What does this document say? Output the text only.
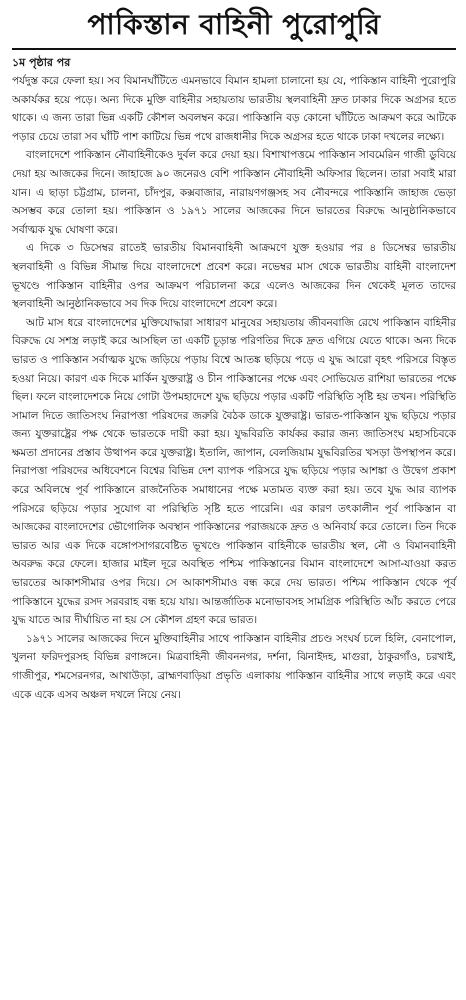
পাকিস্তান বাহিনী পুরোপুরি

১ম পৃষ্ঠার পর

পর্যদুস্ত করে ফেলা হয়। সব বিমানঘাঁটিতে এমনভাবে বিমান হামলা চালানো হয় যে, পাকিস্তান বাহিনী পুরোপুরি অকার্যকর হয়ে পড়ে। অন্য দিকে মুক্তি বাহিনীর সহায়তায় ভারতীয় স্থলবাহিনী দ্রুত ঢাকার দিকে অগ্রসর হতে থাকে। এ জন্য তারা ভিন্ন একটি কৌশল অবলম্বন করে। পাকিস্তানি বড় কোনো ঘাঁটিতে আক্রমণ করে আটকে পড়ার চেয়ে তারা সব ঘাঁটি পাশ কাটিয়ে ভিন্ন পথে রাজধানীর দিকে অগ্রসর হতে থাকে ঢাকা দখলের লক্ষ্যে।

বাংলাদেশে পাকিস্তান নৌবাহিনীকেও দুর্বল করে দেয়া হয়। বিশাখাপত্তমে পাকিস্তান সাবমেরিন গাজী ডুবিয়ে দেয়া হয় আজকের দিনে। জাহাজে ৯০ জনেরও বেশি পাকিস্তান নৌবাহিনী অফিসার ছিলেন। তারা সবাই মারা যান। এ ছাড়া চট্টগ্রাম, চালনা, চাঁদপুর, কক্সবাজার, নারায়ণগঞ্জসহ সব নৌবন্দরে পাকিস্তানি জাহাজ ভেড়া অসম্ভব করে তোলা হয়। পাকিস্তান ও ১৯৭১ সালের আজকের দিনে ভারতের বিরুদ্ধে আনুষ্ঠানিকভাবে সর্বাত্মক যুদ্ধ ঘোষণা করে।

এ দিকে ৩ ডিসেম্বর রাতেই ভারতীয় বিমানবাহিনী আক্রমণে যুক্ত হওয়ার পর ৪ ডিসেম্বর ভারতীয় স্থলবাহিনী ও বিভিন্ন সীমান্ত দিয়ে বাংলাদেশে প্রবেশ করে। নভেম্বর মাস থেকে ভারতীয় বাহিনী বাংলাদেশ ভূখণ্ডে পাকিস্তান বাহিনীর ওপর আক্রমণ পরিচালনা করে এলেও আজকের দিন থেকেই মূলত তাদের স্থলবাহিনী আনুষ্ঠানিকভাবে সব দিক দিয়ে বাংলাদেশে প্রবেশ করে।

আট মাস ধরে বাংলাদেশের মুক্তিযোদ্ধারা সাধারণ মানুষের সহায়তায় জীবনবাজি রেখে পাকিস্তান বাহিনীর বিরুদ্ধে যে সশস্ত্র লড়াই করে আসছিল তা একটি চূড়ান্ত পরিণতির দিকে দ্রুত এগিয়ে যেতে থাকে। অন্য দিকে ভারত ও পাকিস্তান সর্বাত্মক যুদ্ধে জড়িয়ে পড়ায় বিশ্বে আতঙ্ক ছড়িয়ে পড়ে এ যুদ্ধ আরো বৃহৎ পরিসরে বিস্তৃত হওয়া নিয়ে। কারণ এক দিকে মার্কিন যুক্তরাষ্ট্র ও চীন পাকিস্তানের পক্ষে এবং সোভিয়েত রাশিয়া ভারতের পক্ষে ছিল। ফলে বাংলাদেশকে নিয়ে গোটা উপমহাদেশে যুদ্ধ ছড়িয়ে পড়ার একটি পরিস্থিতি সৃষ্টি হয় তখন। পরিস্থিতি সামাল দিতে জাতিসংঘ নিরাপত্তা পরিষদের জরুরি বৈঠক ডাকে যুক্তরাষ্ট্র। ভারত-পাকিস্তান যুদ্ধ ছড়িয়ে পড়ার জন্য যুক্তরাষ্ট্রের পক্ষ থেকে ভারতকে দায়ী করা হয়। যুদ্ধবিরতি কার্যকর করার জন্য জাতিসংঘ মহাসচিবকে ক্ষমতা প্রদানের প্রস্তাব উত্থাপন করে যুক্তরাষ্ট্র। ইতালি, জাপান, বেলজিয়াম যুদ্ধবিরতির খসড়া উপস্থাপন করে। নিরাপত্তা পরিষদের অধিবেশনে বিশ্বের বিভিন্ন দেশ ব্যাপক পরিসরে যুদ্ধ ছড়িয়ে পড়ার আশঙ্কা ও উদ্বেগ প্রকাশ করে অবিলম্বে পূর্ব পাকিস্তানে রাজনৈতিক সমাধানের পক্ষে মতামত ব্যক্ত করা হয়। তবে যুদ্ধ আর ব্যাপক পরিসরে ছড়িয়ে পড়ার সুযোগ বা পরিস্থিতি সৃষ্টি হতে পারেনি। এর কারণ তৎকালীন পূর্ব পাকিস্তান বা আজকের বাংলাদেশের ভৌগোলিক অবস্থান পাকিস্তানের পরাজয়কে দ্রুত ও অনিবার্য করে তোলে। তিন দিকে ভারত আর এক দিকে বঙ্গোপসাগরবেষ্টিত ভূখণ্ডে পাকিস্তান বাহিনীকে ভারতীয় স্থল, নৌ ও বিমানবাহিনী অবরুদ্ধ করে ফেলে। হাজার মাইল দূরে অবস্থিত পশ্চিম পাকিস্তানের বিমান বাংলাদেশে আসা-যাওয়া করত ভারতের আকাশসীমার ওপর দিয়ে। সে আকাশসীমাও বন্ধ করে দেয় ভারত। পশ্চিম পাকিস্তান থেকে পূর্ব পাকিস্তানে যুদ্ধের রসদ সরবরাহ বন্ধ হয়ে যায়। আন্তর্জাতিক মনোভাবসহ সামগ্রিক পরিস্থিতি আঁচ করতে পেরে যুদ্ধ যাতে আর দীর্ঘায়িত না হয় সে কৌশল গ্রহণ করে ভারত।

১৯৭১ সালের আজকের দিনে মুক্তিবাহিনীর সাথে পাকিস্তান বাহিনীর প্রচণ্ড সংঘর্ষ চলে হিলি, বেনাপোল, খুলনা ফরিদপুরসহ বিভিন্ন রণাঙ্গনে। মিত্রবাহিনী জীবননগর, দর্শনা, ঝিনাইদহ, মাগুরা, ঠাকুরগাঁও, চরখাই, গাজীপুর, শমসেরনগর, আখাউড়া, ব্রাহ্মণবাড়িয়া প্রভৃতি এলাকায় পাকিস্তান বাহিনীর সাথে লড়াই করে এবং একে একে এসব অঞ্চল দখলে নিয়ে নেয়।
